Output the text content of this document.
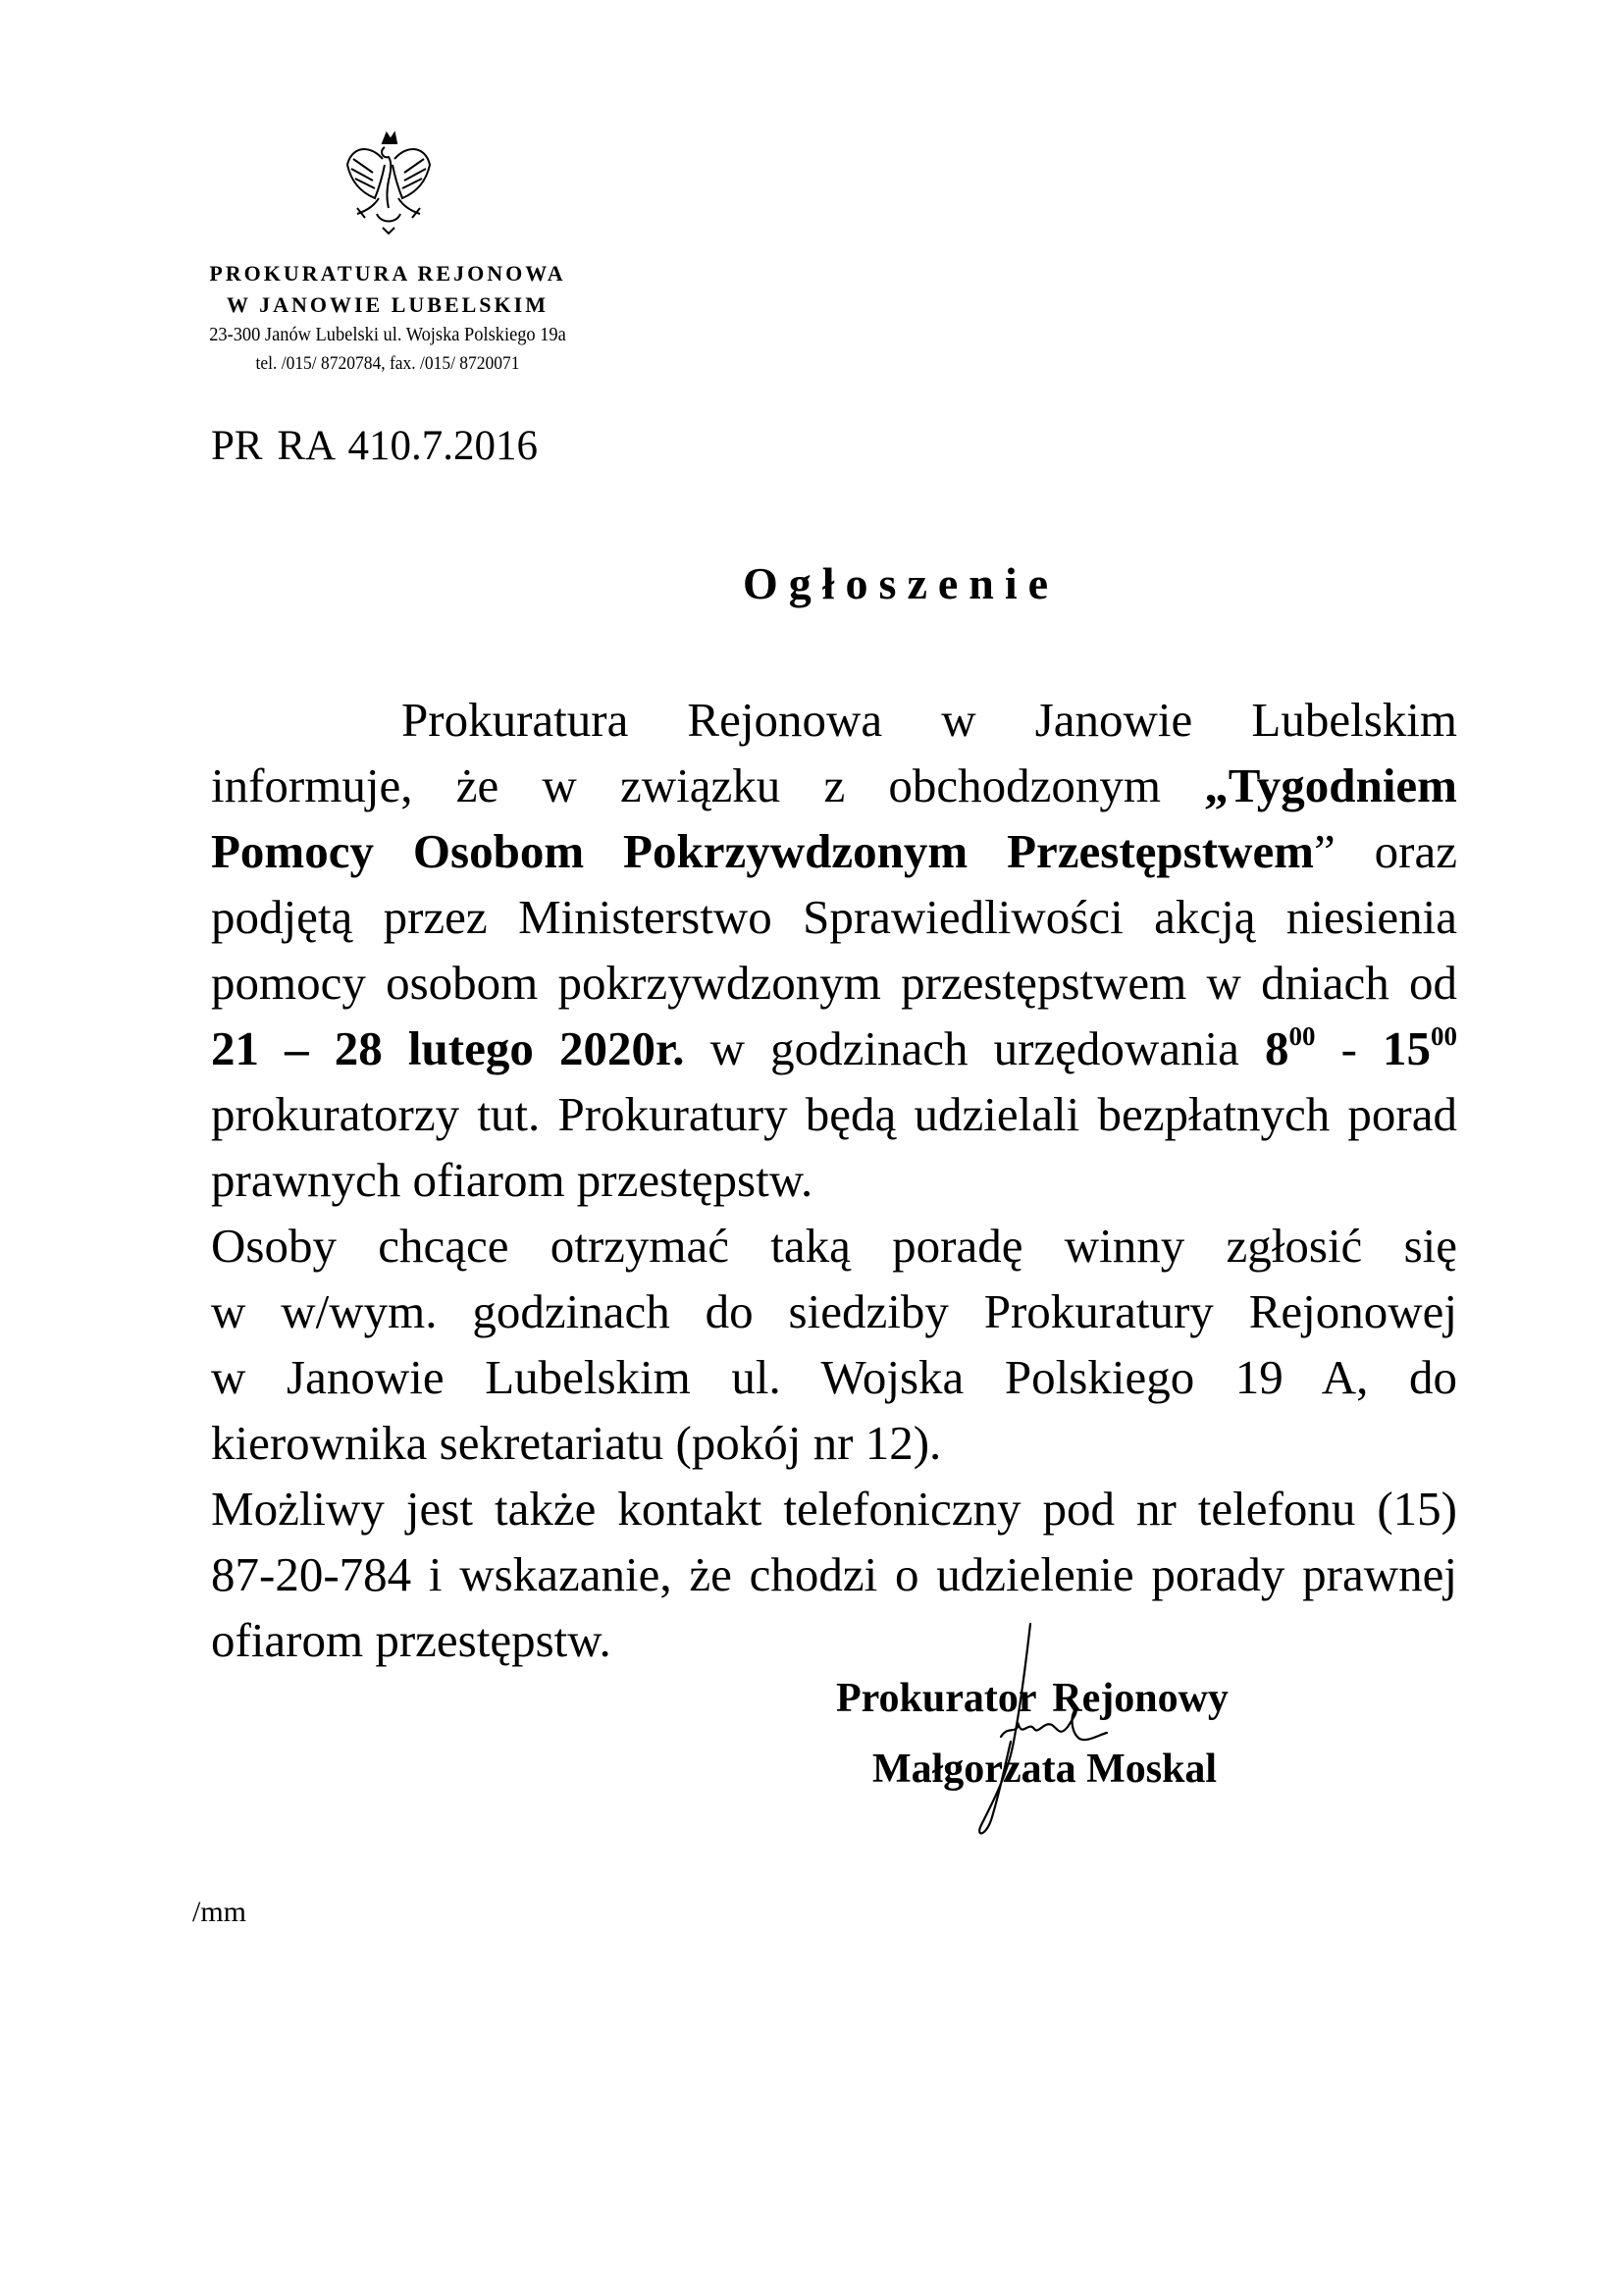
PROKURATURA REJONOWA
W JANOWIE LUBELSKIM
23-300 Janów Lubelski ul. Wojska Polskiego 19a
tel. /015/ 8720784, fax. /015/ 8720071
PR RA 410.7.2016
Ogłoszenie
Prokuratura Rejonowa w Janowie Lubelskim
informuje, że w związku z obchodzonym „Tygodniem
Pomocy Osobom Pokrzywdzonym Przestępstwem” oraz
podjętą przez Ministerstwo Sprawiedliwości akcją niesienia
pomocy osobom pokrzywdzonym przestępstwem w dniach od
21 – 28 lutego 2020r. w godzinach urzędowania $8^{00} - 15^{00}$
prokuratorzy tut. Prokuratury będą udzielali bezpłatnych porad
prawnych ofiarom przestępstw.
Osoby chcące otrzymać taką poradę winny zgłosić się
w w/wym. godzinach do siedziby Prokuratury Rejonowej
w Janowie Lubelskim ul. Wojska Polskiego 19 A, do
kierownika sekretariatu (pokój nr 12).
Możliwy jest także kontakt telefoniczny pod nr telefonu (15)
87-20-784 i wskazanie, że chodzi o udzielenie porady prawnej
ofiarom przestępstw.
Prokurator Rejonowy
Małgorzata Moskal
/mm
